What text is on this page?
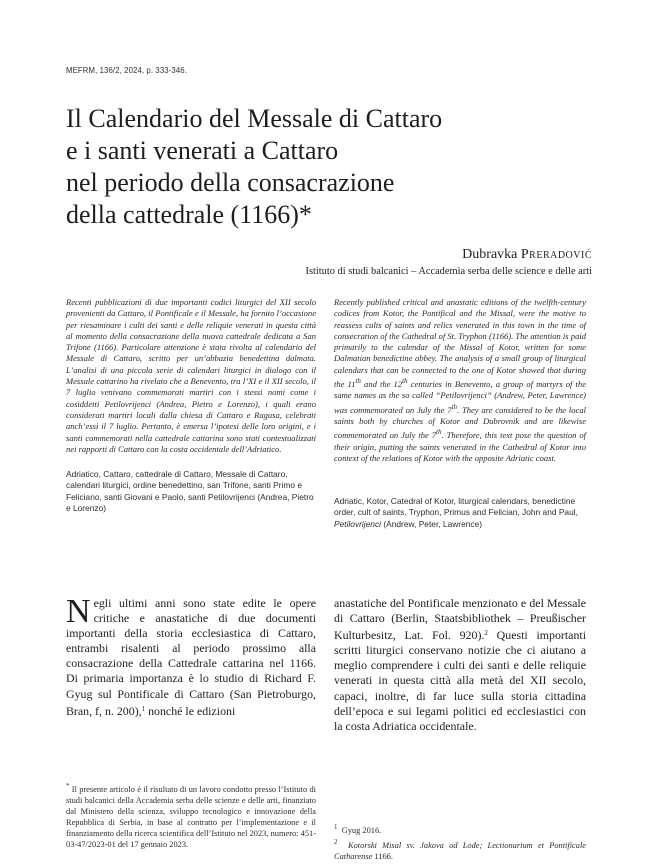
MEFRM, 136/2, 2024, p. 333-346.
Il Calendario del Messale di Cattaro
e i santi venerati a Cattaro
nel periodo della consacrazione
della cattedrale (1166)*
Dubravka Preradović
Istituto di studi balcanici – Accademia serba delle science e delle arti
Recenti pubblicazioni di due importanti codici liturgici del XII secolo provenienti da Cattaro, il Pontificale e il Messale, ha fornito l’occasione per riesaminare i culti dei santi e delle reliquie venerati in questa città al momento della consacrazione della nuova cattedrale dedicata a San Trifone (1166). Particolare attenzione è stata rivolta al calendario del Messale di Cattaro, scritto per un’abbazia benedettina dalmata. L’analisi di una piccola serie di calendari liturgici in dialogo con il Messale cattarino ha rivelato che a Benevento, tra l’XI e il XII secolo, il 7 luglio venivano commemorati martiri con i stessi nomi come i cosiddetti Petilovrijenci (Andrea, Pietro e Lorenzo), i quali erano considerati martiri locali dalla chiesa di Cattaro e Ragusa, celebrati anch’essi il 7 luglio. Pertanto, è emersa l’ipotesi delle loro origini, e i santi commemorati nella cattedrale cattarina sono stati contestualizzati nei rapporti di Cattaro con la costa occidentale dell’Adriatico.
Recently published critical and anastatic editions of the twelfth-century codices from Kotor, the Pontifical and the Missal, were the motive to reassess cults of saints and relics venerated in this town in the time of consecration of the Cathedral of St. Tryphon (1166). The attention is paid primarily to the calendar of the Missal of Kotor, written for some Dalmatian benedictine abbey. The analysis of a small group of liturgical calendars that can be connected to the one of Kotor showed that during the 11th and the 12th centuries in Benevento, a group of martyrs of the same names as the so called “Petilovrijenci” (Andrew, Peter, Lawrence) was commemorated on July the 7th. They are considered to be the local saints both by churches of Kotor and Dubrovnik and are likewise commemorated on July the 7th. Therefore, this text pose the question of their origin, putting the saints venerated in the Cathedral of Kotor into context of the relations of Kotor with the opposite Adriatic coast.
Adriatico, Cattaro, cattedrale di Cattaro, Messale di Cattaro, calendari liturgici, ordine benedettino, san Trifone, santi Primo e Feliciano, santi Giovani e Paolo, santi Petilovrijenci (Andrea, Pietro e Lorenzo)
Adriatic, Kotor, Catedral of Kotor, liturgical calendars, benedictine order, cult of saints, Tryphon, Primus and Felician, John and Paul, Petilovrijenci (Andrew, Peter, Lawrence)
Negli ultimi anni sono state edite le opere critiche e anastatiche di due documenti importanti della storia ecclesiastica di Cattaro, entrambi risalenti al periodo prossimo alla consacrazione della Cattedrale cattarina nel 1166. Di primaria importanza è lo studio di Richard F. Gyug sul Pontificale di Cattaro (San Pietroburgo, Bran, f, n. 200),$^1$ nonché le edizioni
anastatiche del Pontificale menzionato e del Messale di Cattaro (Berlin, Staatsbibliothek – Preußischer Kulturbesitz, Lat. Fol. 920).$^2$ Questi importanti scritti liturgici conservano notizie che ci aiutano a meglio comprendere i culti dei santi e delle reliquie venerati in questa città alla metà del XII secolo, capaci, inoltre, di far luce sulla storia cittadina dell’epoca e sui legami politici ed ecclesiastici con la costa Adriatica occidentale.
* Il presente articolo è il risultato di un lavoro condotto presso l’Istituto di studi balcanici della Accademia serba delle scienze e delle arti, finanziato dal Ministero della scienza, sviluppo tecnologico e innovazione della Repubblica di Serbia, in base al contratto per l’implementazione e il finanziamento della ricerca scientifica dell’Istituto nel 2023, numero: 451-03-47/2023-01 del 17 gennaio 2023.
$^1$ Gyug 2016.
$^2$ Kotorski Misal sv. Jakova od Lođe; Lectionarium et Pontificale Catharense 1166.
